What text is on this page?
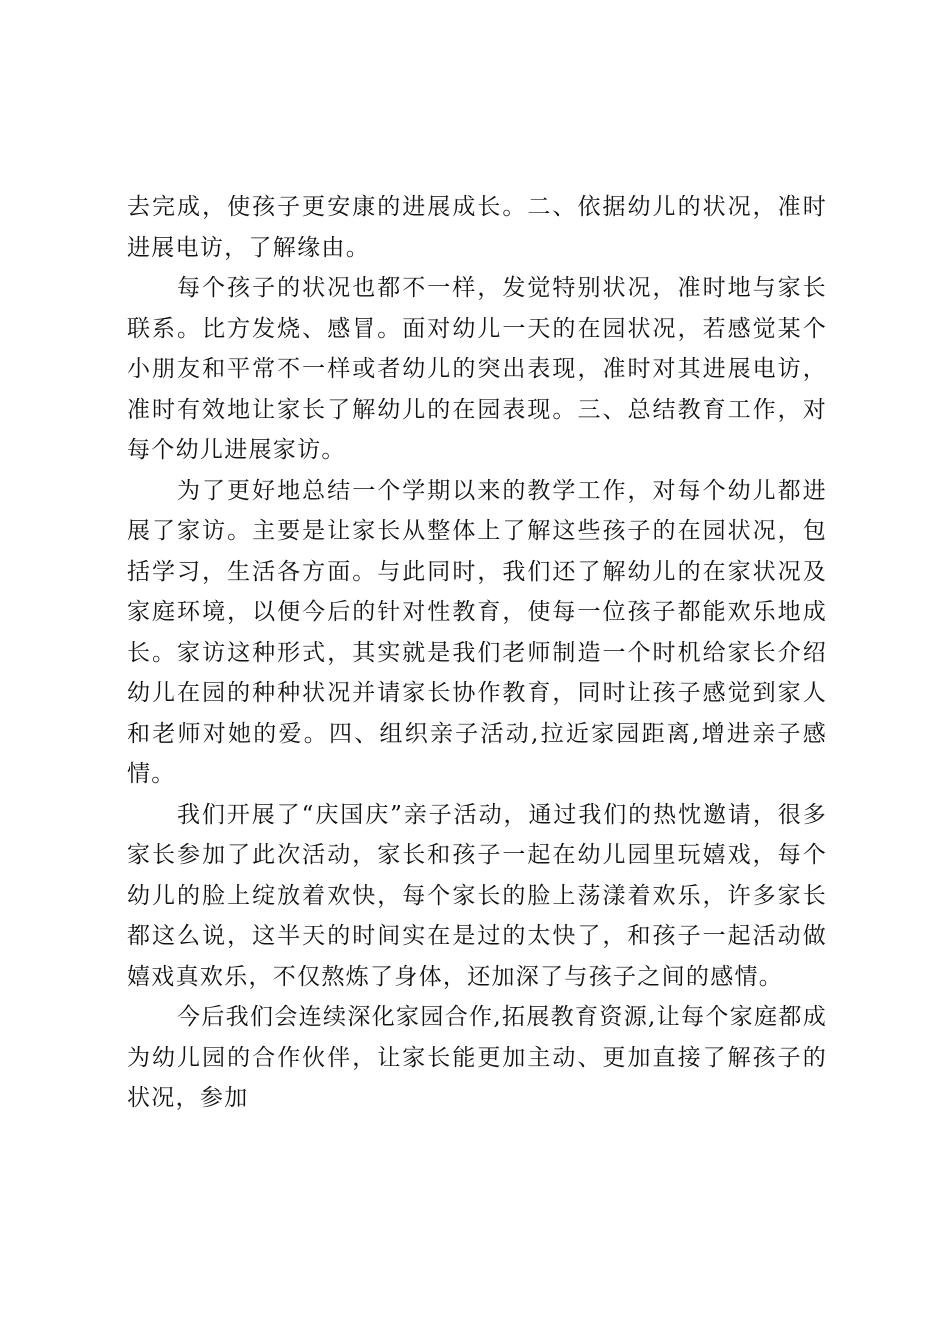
去完成，使孩子更安康的进展成长。二、依据幼儿的状况，准时进展电访，了解缘由。

每个孩子的状况也都不一样，发觉特别状况，准时地与家长联系。比方发烧、感冒。面对幼儿一天的在园状况，若感觉某个小朋友和平常不一样或者幼儿的突出表现，准时对其进展电访，准时有效地让家长了解幼儿的在园表现。三、总结教育工作，对每个幼儿进展家访。

为了更好地总结一个学期以来的教学工作，对每个幼儿都进展了家访。主要是让家长从整体上了解这些孩子的在园状况，包括学习，生活各方面。与此同时，我们还了解幼儿的在家状况及家庭环境，以便今后的针对性教育，使每一位孩子都能欢乐地成长。家访这种形式，其实就是我们老师制造一个时机给家长介绍幼儿在园的种种状况并请家长协作教育，同时让孩子感觉到家人和老师对她的爱。四、组织亲子活动,拉近家园距离,增进亲子感情。

我们开展了“庆国庆”亲子活动，通过我们的热忱邀请，很多家长参加了此次活动，家长和孩子一起在幼儿园里玩嬉戏，每个幼儿的脸上绽放着欢快，每个家长的脸上荡漾着欢乐，许多家长都这么说，这半天的时间实在是过的太快了，和孩子一起活动做嬉戏真欢乐，不仅熬炼了身体，还加深了与孩子之间的感情。

今后我们会连续深化家园合作,拓展教育资源,让每个家庭都成为幼儿园的合作伙伴，让家长能更加主动、更加直接了解孩子的状况，参加
